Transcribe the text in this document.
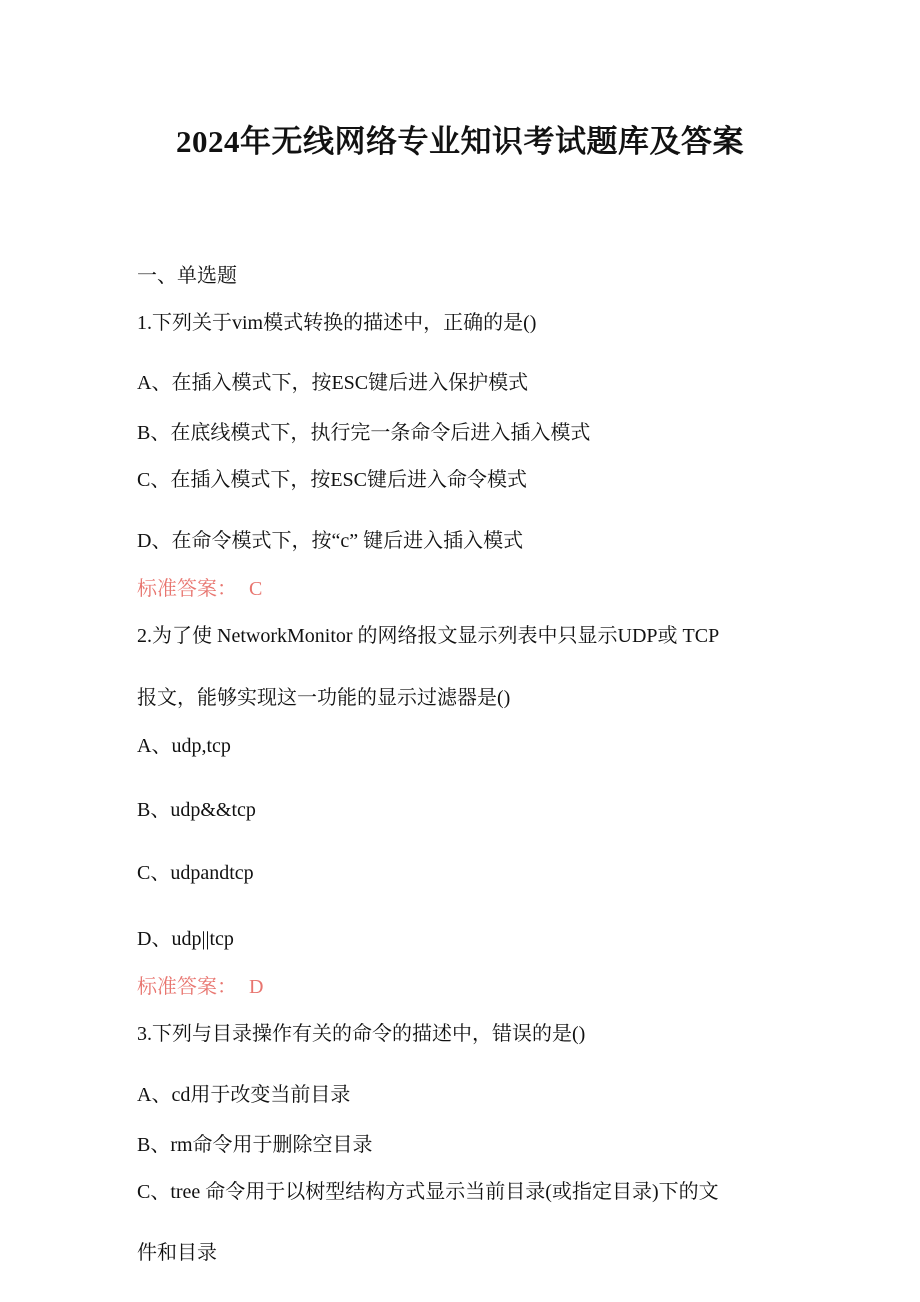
2024年无线网络专业知识考试题库及答案
一、单选题
1.下列关于vim模式转换的描述中，正确的是()
A、在插入模式下，按ESC键后进入保护模式
B、在底线模式下，执行完一条命令后进入插入模式
C、在插入模式下，按ESC键后进入命令模式
D、在命令模式下，按“c” 键后进入插入模式
标准答案： C
2.为了使 NetworkMonitor 的网络报文显示列表中只显示UDP或 TCP
报文，能够实现这一功能的显示过滤器是()
A、udp,tcp
B、udp&&tcp
C、udpandtcp
D、udp||tcp
标准答案： D
3.下列与目录操作有关的命令的描述中，错误的是()
A、cd用于改变当前目录
B、rm命令用于删除空目录
C、tree 命令用于以树型结构方式显示当前目录(或指定目录)下的文
件和目录
